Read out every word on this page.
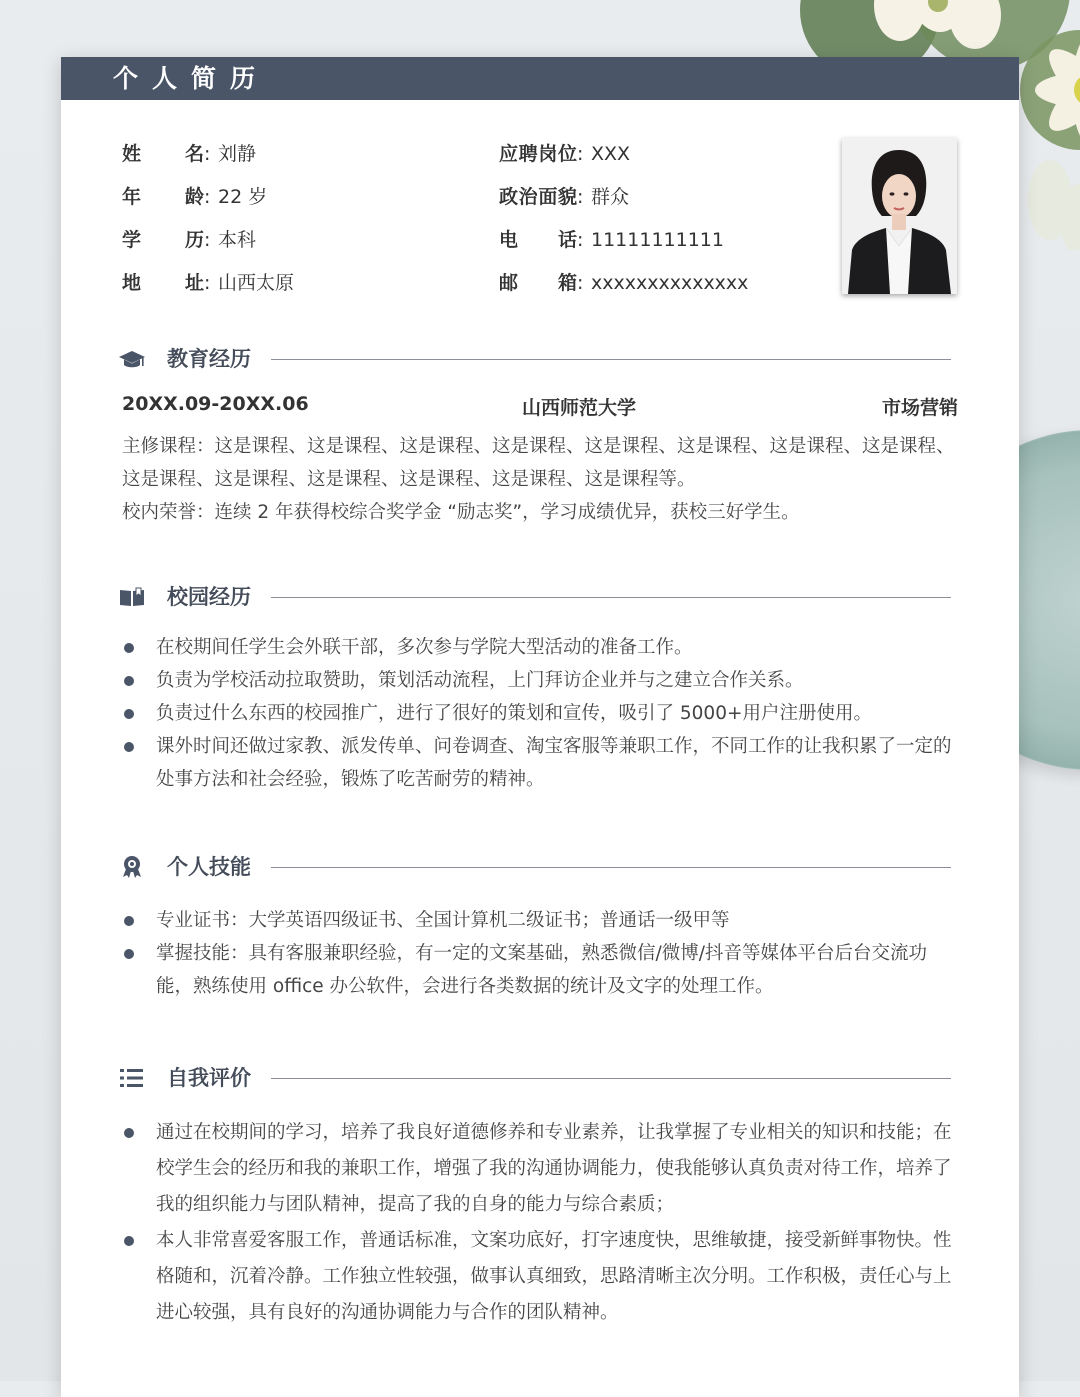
个人简历
姓名: 刘静
年龄: 22 岁
学历: 本科
地址: 山西太原
应聘岗位: XXX
政治面貌: 群众
电话: 11111111111
邮箱: xxxxxxxxxxxxxx
教育经历
20XX.09-20XX.06	山西师范大学	市场营销
主修课程：这是课程、这是课程、这是课程、这是课程、这是课程、这是课程、这是课程、这是课程、这是课程、这是课程、这是课程、这是课程、这是课程、这是课程等。
校内荣誉：连续 2 年获得校综合奖学金 “励志奖”，学习成绩优异，获校三好学生。
校园经历
在校期间任学生会外联干部，多次参与学院大型活动的准备工作。
负责为学校活动拉取赞助，策划活动流程，上门拜访企业并与之建立合作关系。
负责过什么东西的校园推广，进行了很好的策划和宣传，吸引了 5000+用户注册使用。
课外时间还做过家教、派发传单、问卷调查、淘宝客服等兼职工作，不同工作的让我积累了一定的处事方法和社会经验，锻炼了吃苦耐劳的精神。
个人技能
专业证书：大学英语四级证书、全国计算机二级证书；普通话一级甲等
掌握技能：具有客服兼职经验，有一定的文案基础，熟悉微信/微博/抖音等媒体平台后台交流功能，熟练使用 office 办公软件，会进行各类数据的统计及文字的处理工作。
自我评价
通过在校期间的学习，培养了我良好道德修养和专业素养，让我掌握了专业相关的知识和技能；在校学生会的经历和我的兼职工作，增强了我的沟通协调能力，使我能够认真负责对待工作，培养了我的组织能力与团队精神，提高了我的自身的能力与综合素质；
本人非常喜爱客服工作，普通话标准，文案功底好，打字速度快，思维敏捷，接受新鲜事物快。性格随和，沉着冷静。工作独立性较强，做事认真细致，思路清晰主次分明。工作积极，责任心与上进心较强，具有良好的沟通协调能力与合作的团队精神。
